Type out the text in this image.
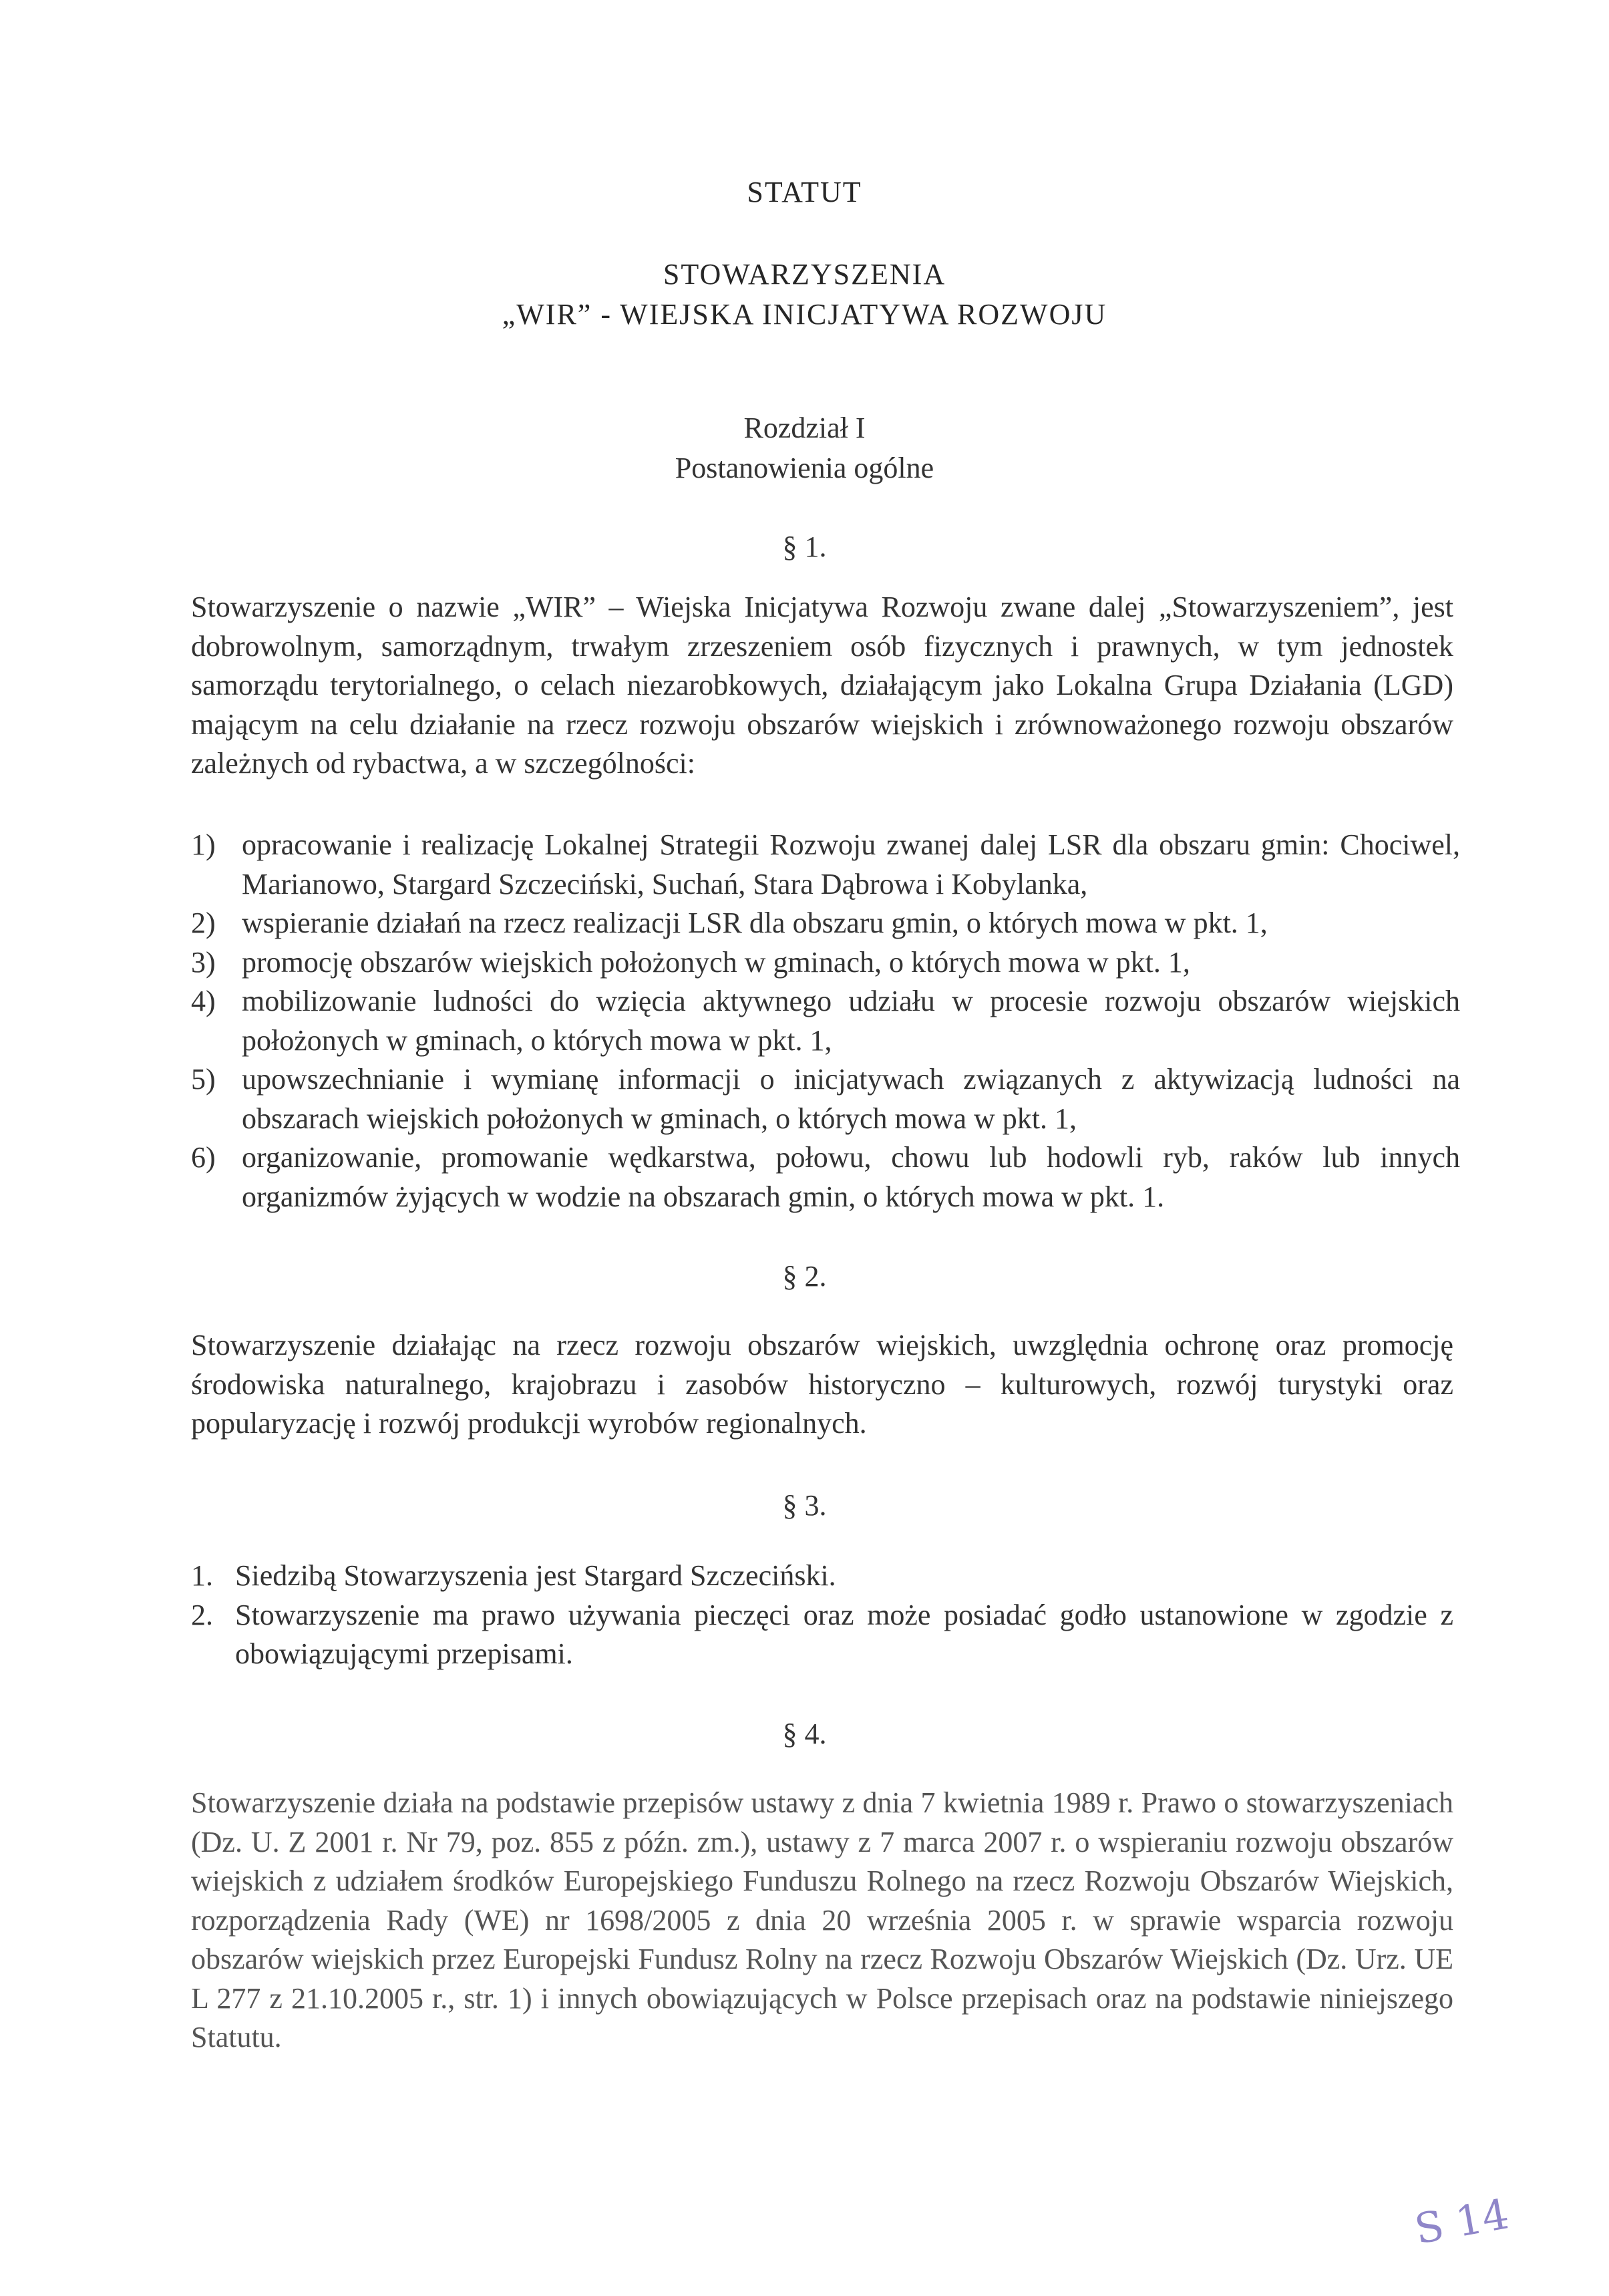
STATUT
STOWARZYSZENIA
„WIR” - WIEJSKA INICJATYWA ROZWOJU
Rozdział I
Postanowienia ogólne
§ 1.
Stowarzyszenie o nazwie „WIR” – Wiejska Inicjatywa Rozwoju zwane dalej „Stowarzyszeniem”, jest dobrowolnym, samorządnym, trwałym zrzeszeniem osób fizycznych i prawnych, w tym jednostek samorządu terytorialnego, o celach niezarobkowych, działającym jako Lokalna Grupa Działania (LGD) mającym na celu działanie na rzecz rozwoju obszarów wiejskich i zrównoważonego rozwoju obszarów zależnych od rybactwa, a w szczególności:
1) opracowanie i realizację Lokalnej Strategii Rozwoju zwanej dalej LSR dla obszaru gmin: Chociwel, Marianowo, Stargard Szczeciński, Suchań, Stara Dąbrowa i Kobylanka,
2) wspieranie działań na rzecz realizacji LSR dla obszaru gmin, o których mowa w pkt. 1,
3) promocję obszarów wiejskich położonych w gminach, o których mowa w pkt. 1,
4) mobilizowanie ludności do wzięcia aktywnego udziału w procesie rozwoju obszarów wiejskich położonych w gminach, o których mowa w pkt. 1,
5) upowszechnianie i wymianę informacji o inicjatywach związanych z aktywizacją ludności na obszarach wiejskich położonych w gminach, o których mowa w pkt. 1,
6) organizowanie, promowanie wędkarstwa, połowu, chowu lub hodowli ryb, raków lub innych organizmów żyjących w wodzie na obszarach gmin, o których mowa w pkt. 1.
§ 2.
Stowarzyszenie działając na rzecz rozwoju obszarów wiejskich, uwzględnia ochronę oraz promocję środowiska naturalnego, krajobrazu i zasobów historyczno – kulturowych, rozwój turystyki oraz popularyzację i rozwój produkcji wyrobów regionalnych.
§ 3.
1. Siedzibą Stowarzyszenia jest Stargard Szczeciński.
2. Stowarzyszenie ma prawo używania pieczęci oraz może posiadać godło ustanowione w zgodzie z obowiązującymi przepisami.
§ 4.
Stowarzyszenie działa na podstawie przepisów ustawy z dnia 7 kwietnia 1989 r. Prawo o stowarzyszeniach (Dz. U. Z 2001 r. Nr 79, poz. 855 z późn. zm.), ustawy z 7 marca 2007 r. o wspieraniu rozwoju obszarów wiejskich z udziałem środków Europejskiego Funduszu Rolnego na rzecz Rozwoju Obszarów Wiejskich, rozporządzenia Rady (WE) nr 1698/2005 z dnia 20 września 2005 r. w sprawie wsparcia rozwoju obszarów wiejskich przez Europejski Fundusz Rolny na rzecz Rozwoju Obszarów Wiejskich (Dz. Urz. UE L 277 z 21.10.2005 r., str. 1) i innych obowiązujących w Polsce przepisach oraz na podstawie niniejszego Statutu.
S 14
